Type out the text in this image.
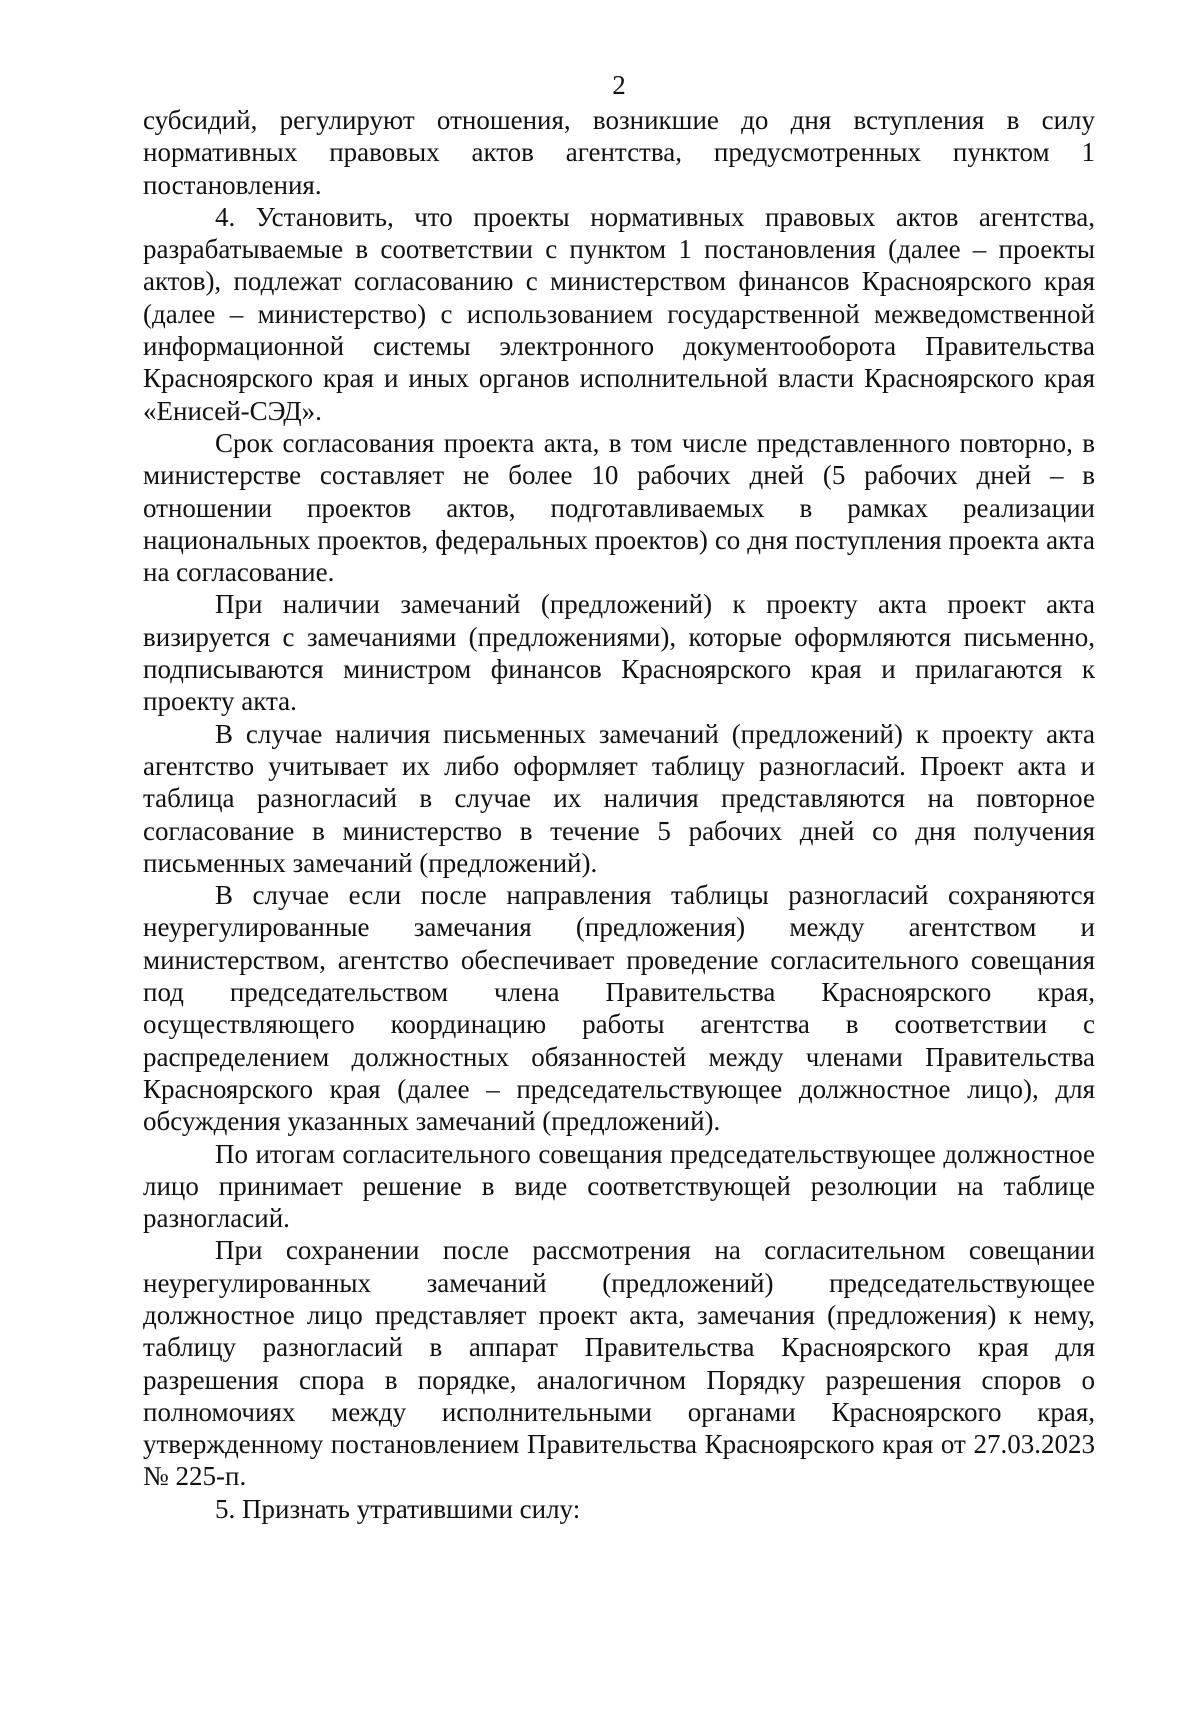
2

субсидий, регулируют отношения, возникшие до дня вступления в силу нормативных правовых актов агентства, предусмотренных пунктом 1 постановления.

4. Установить, что проекты нормативных правовых актов агентства, разрабатываемые в соответствии с пунктом 1 постановления (далее – проекты актов), подлежат согласованию с министерством финансов Красноярского края (далее – министерство) с использованием государственной межведомственной информационной системы электронного документооборота Правительства Красноярского края и иных органов исполнительной власти Красноярского края «Енисей-СЭД».

Срок согласования проекта акта, в том числе представленного повторно, в министерстве составляет не более 10 рабочих дней (5 рабочих дней – в отношении проектов актов, подготавливаемых в рамках реализации национальных проектов, федеральных проектов) со дня поступления проекта акта на согласование.

При наличии замечаний (предложений) к проекту акта проект акта визируется с замечаниями (предложениями), которые оформляются письменно, подписываются министром финансов Красноярского края и прилагаются к проекту акта.

В случае наличия письменных замечаний (предложений) к проекту акта агентство учитывает их либо оформляет таблицу разногласий. Проект акта и таблица разногласий в случае их наличия представляются на повторное согласование в министерство в течение 5 рабочих дней со дня получения письменных замечаний (предложений).

В случае если после направления таблицы разногласий сохраняются неурегулированные замечания (предложения) между агентством и министерством, агентство обеспечивает проведение согласительного совещания под председательством члена Правительства Красноярского края, осуществляющего координацию работы агентства в соответствии с распределением должностных обязанностей между членами Правительства Красноярского края (далее – председательствующее должностное лицо), для обсуждения указанных замечаний (предложений).

По итогам согласительного совещания председательствующее должностное лицо принимает решение в виде соответствующей резолюции на таблице разногласий.

При сохранении после рассмотрения на согласительном совещании неурегулированных замечаний (предложений) председательствующее должностное лицо представляет проект акта, замечания (предложения) к нему, таблицу разногласий в аппарат Правительства Красноярского края для разрешения спора в порядке, аналогичном Порядку разрешения споров о полномочиях между исполнительными органами Красноярского края, утвержденному постановлением Правительства Красноярского края от 27.03.2023 № 225-п.

5. Признать утратившими силу:
